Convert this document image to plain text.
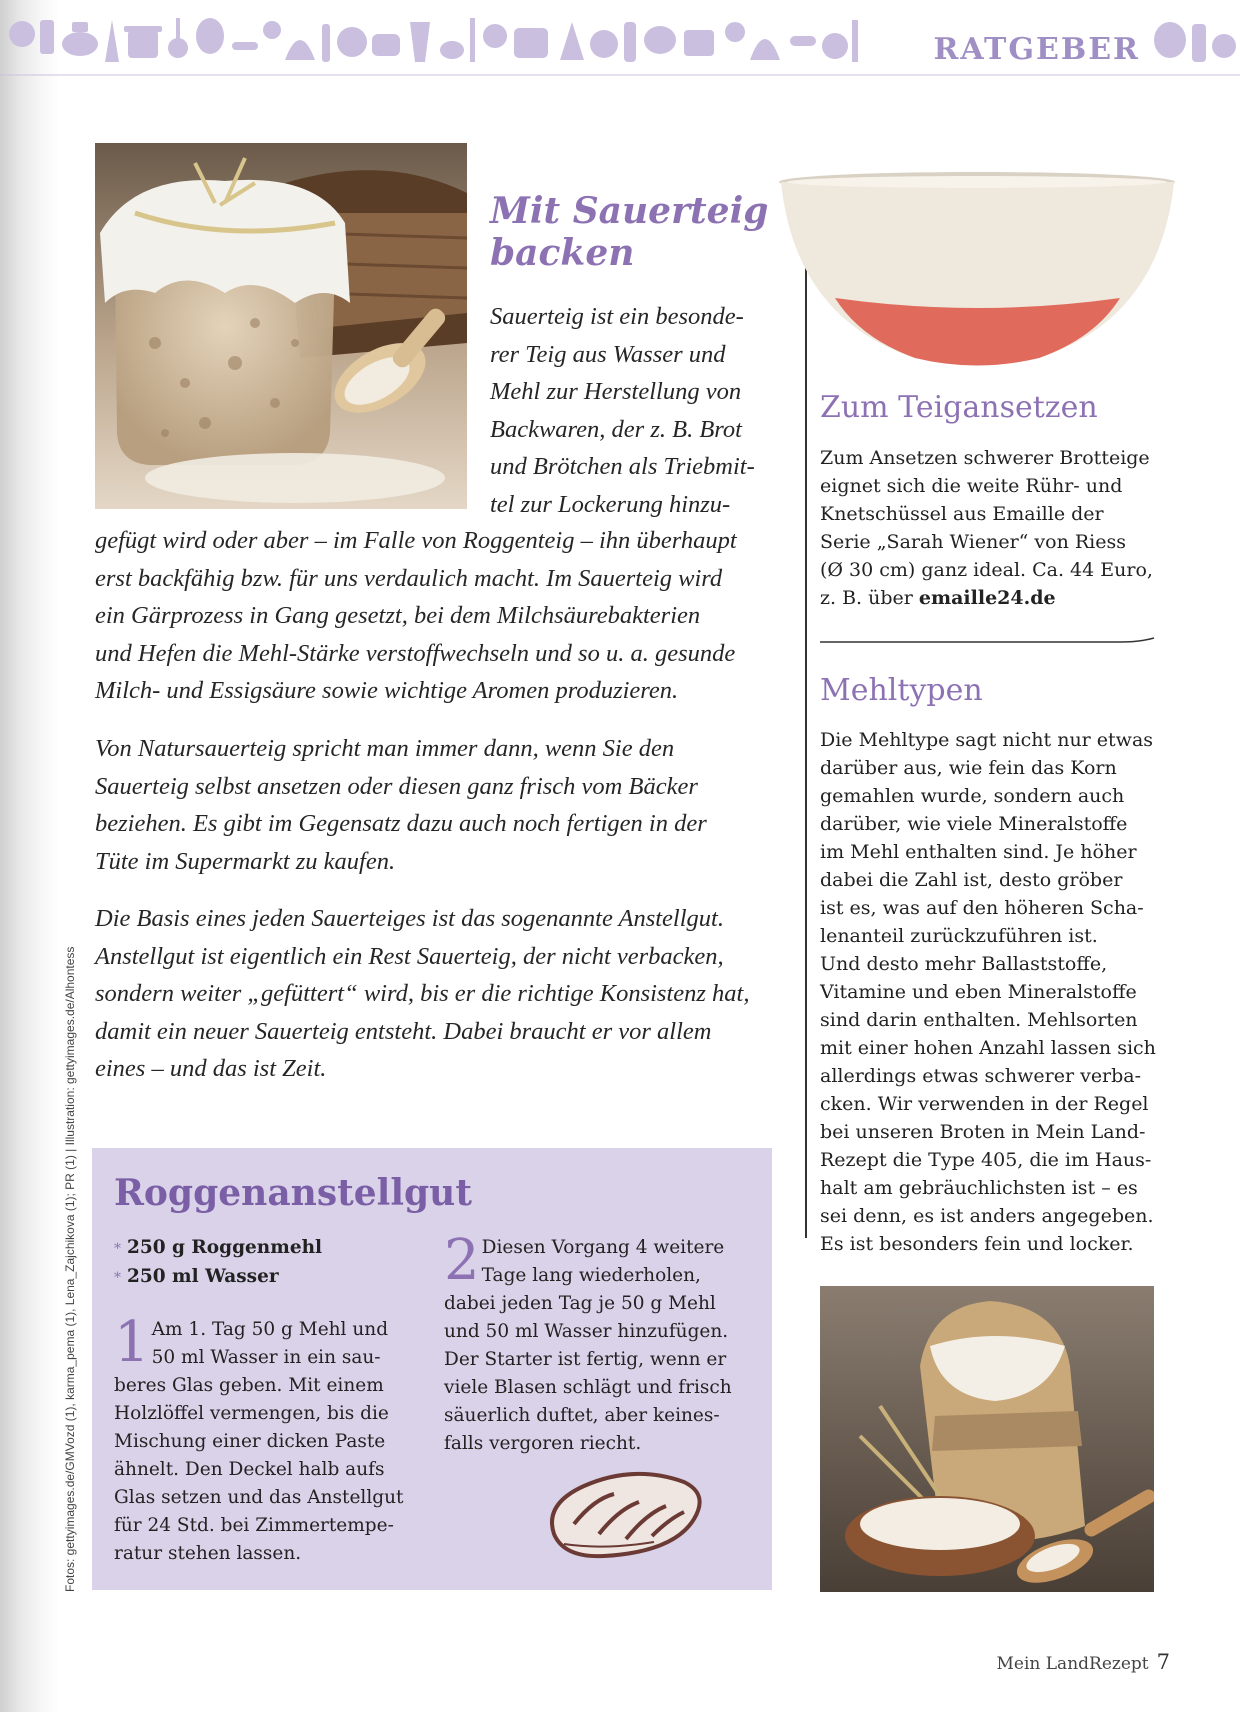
RATGEBER
Mit Sauerteig backen

Sauerteig ist ein besonde-
rer Teig aus Wasser und
Mehl zur Herstellung von
Backwaren, der z. B. Brot
und Brötchen als Triebmit-
tel zur Lockerung hinzu-

gefügt wird oder aber – im Falle von Roggenteig – ihn überhaupt
erst backfähig bzw. für uns verdaulich macht. Im Sauerteig wird
ein Gärprozess in Gang gesetzt, bei dem Milchsäurebakterien
und Hefen die Mehl-Stärke verstoffwechseln und so u. a. gesunde
Milch- und Essigsäure sowie wichtige Aromen produzieren.

Von Natursauerteig spricht man immer dann, wenn Sie den
Sauerteig selbst ansetzen oder diesen ganz frisch vom Bäcker
beziehen. Es gibt im Gegensatz dazu auch noch fertigen in der
Tüte im Supermarkt zu kaufen.

Die Basis eines jeden Sauerteiges ist das sogenannte Anstellgut.
Anstellgut ist eigentlich ein Rest Sauerteig, der nicht verbacken,
sondern weiter „gefüttert“ wird, bis er die richtige Konsistenz hat,
damit ein neuer Sauerteig entsteht. Dabei braucht er vor allem
eines – und das ist Zeit.

Fotos: gettyimages.de/GMVozd (1), karma_pema (1), Lena_Zajchikova (1); PR (1) | Illustration: gettyimages.de/Alhontess Roggenanstellgut
* 250 g Roggenmehl
* 250 ml Wasser
1 Am 1. Tag 50 g Mehl und
50 ml Wasser in ein sau-
beres Glas geben. Mit einem
Holzlöffel vermengen, bis die
Mischung einer dicken Paste
ähnelt. Den Deckel halb aufs
Glas setzen und das Anstellgut
für 24 Std. bei Zimmertempe-
ratur stehen lassen.

2 Diesen Vorgang 4 weitere
Tage lang wiederholen,
dabei jeden Tag je 50 g Mehl
und 50 ml Wasser hinzufügen.
Der Starter ist fertig, wenn er
viele Blasen schlägt und frisch
säuerlich duftet, aber keines-
falls vergoren riecht.

Zum Teigansetzen

Zum Ansetzen schwerer Brotteige
eignet sich die weite Rühr- und
Knetschüssel aus Emaille der
Serie „Sarah Wiener“ von Riess
(Ø 30 cm) ganz ideal. Ca. 44 Euro,
z. B. über emaille24.de

Mehltypen

Die Mehltype sagt nicht nur etwas
darüber aus, wie fein das Korn
gemahlen wurde, sondern auch
darüber, wie viele Mineralstoffe
im Mehl enthalten sind. Je höher
dabei die Zahl ist, desto gröber
ist es, was auf den höheren Scha-
lenanteil zurückzuführen ist.
Und desto mehr Ballaststoffe,
Vitamine und eben Mineralstoffe
sind darin enthalten. Mehlsorten
mit einer hohen Anzahl lassen sich
allerdings etwas schwerer verba-
cken. Wir verwenden in der Regel
bei unseren Broten in Mein Land-
Rezept die Type 405, die im Haus-
halt am gebräuchlichsten ist – es
sei denn, es ist anders angegeben.
Es ist besonders fein und locker.

Mein LandRezept 7
